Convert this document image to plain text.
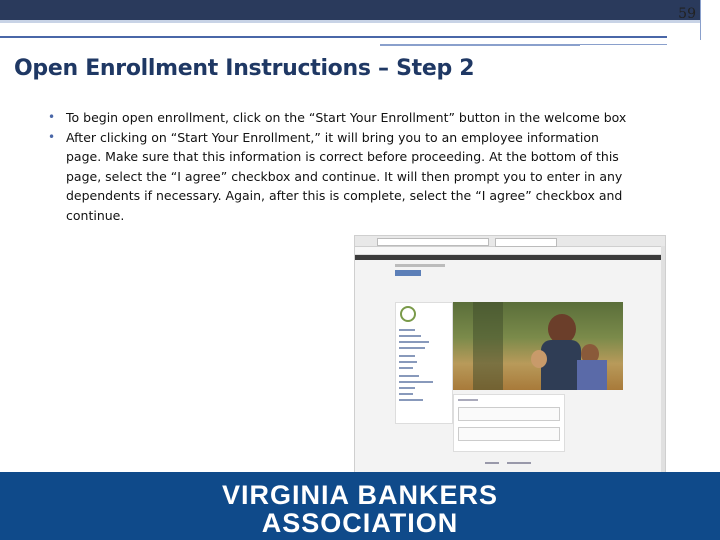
59
Open Enrollment Instructions – Step 2
• To begin open enrollment, click on the “Start Your Enrollment” button in the welcome box
• After clicking on “Start Your Enrollment,” it will bring you to an employee information page. Make sure that this information is correct before proceeding. At the bottom of this page, select the “I agree” checkbox and continue. It will then prompt you to enter in any dependents if necessary. Again, after this is complete, select the “I agree” checkbox and continue.
VIRGINIA BANKERS
ASSOCIATION
